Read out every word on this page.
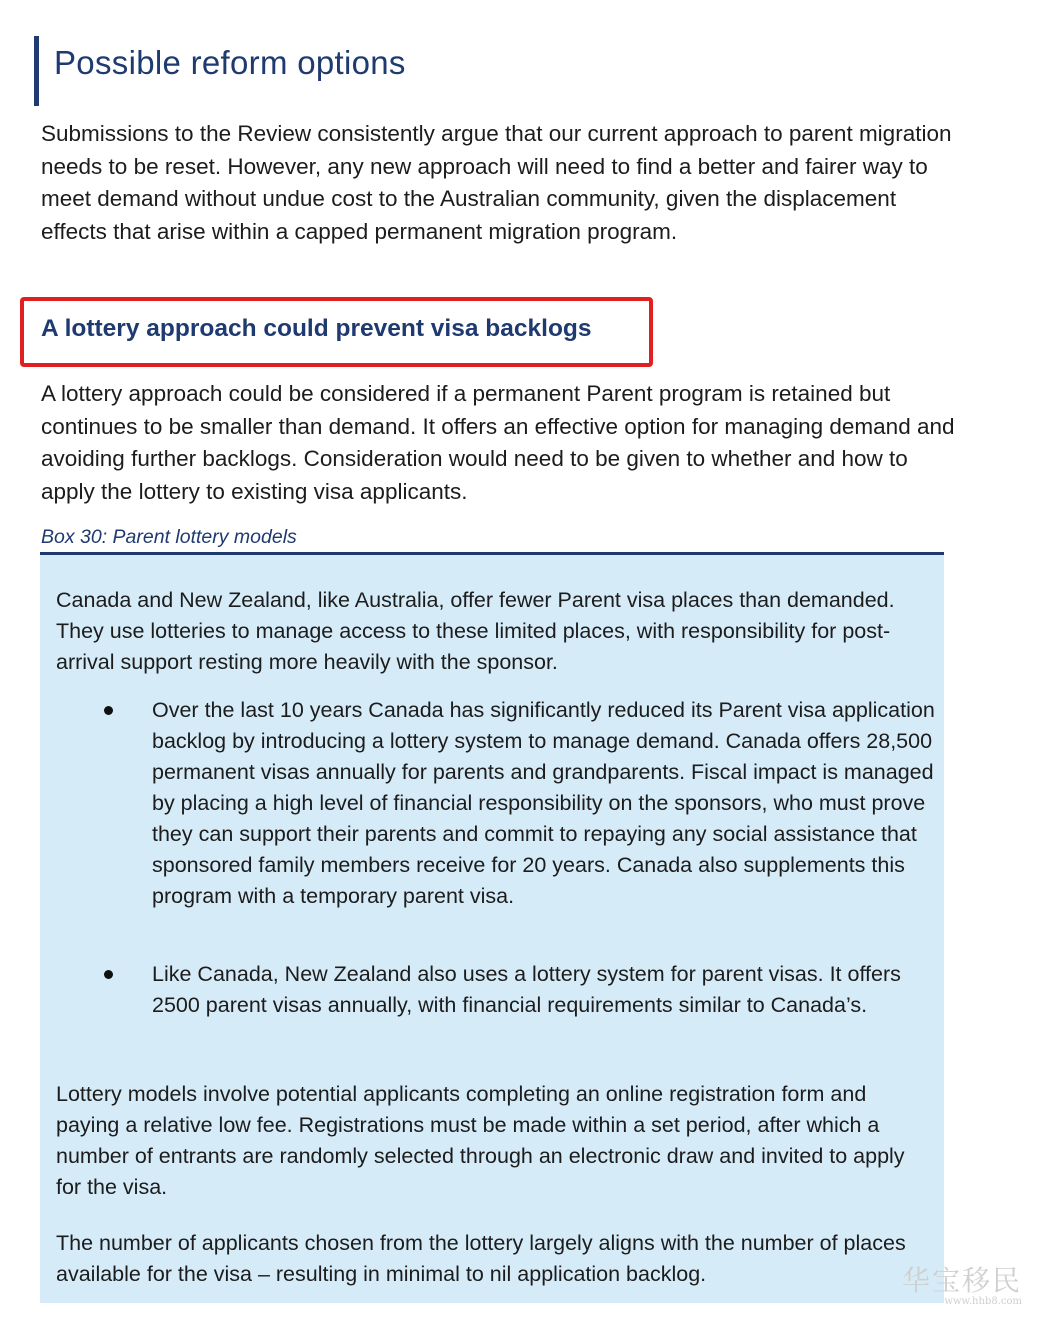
Possible reform options
Submissions to the Review consistently argue that our current approach to parent migration needs to be reset. However, any new approach will need to find a better and fairer way to meet demand without undue cost to the Australian community, given the displacement effects that arise within a capped permanent migration program.
A lottery approach could prevent visa backlogs
A lottery approach could be considered if a permanent Parent program is retained but continues to be smaller than demand. It offers an effective option for managing demand and avoiding further backlogs. Consideration would need to be given to whether and how to apply the lottery to existing visa applicants.
Box 30: Parent lottery models
Canada and New Zealand, like Australia, offer fewer Parent visa places than demanded. They use lotteries to manage access to these limited places, with responsibility for post-arrival support resting more heavily with the sponsor.
Over the last 10 years Canada has significantly reduced its Parent visa application backlog by introducing a lottery system to manage demand. Canada offers 28,500 permanent visas annually for parents and grandparents. Fiscal impact is managed by placing a high level of financial responsibility on the sponsors, who must prove they can support their parents and commit to repaying any social assistance that sponsored family members receive for 20 years. Canada also supplements this program with a temporary parent visa.
Like Canada, New Zealand also uses a lottery system for parent visas. It offers 2500 parent visas annually, with financial requirements similar to Canada’s.
Lottery models involve potential applicants completing an online registration form and paying a relative low fee. Registrations must be made within a set period, after which a number of entrants are randomly selected through an electronic draw and invited to apply for the visa.
The number of applicants chosen from the lottery largely aligns with the number of places available for the visa – resulting in minimal to nil application backlog.	华宝移民
www.hhb8.com
